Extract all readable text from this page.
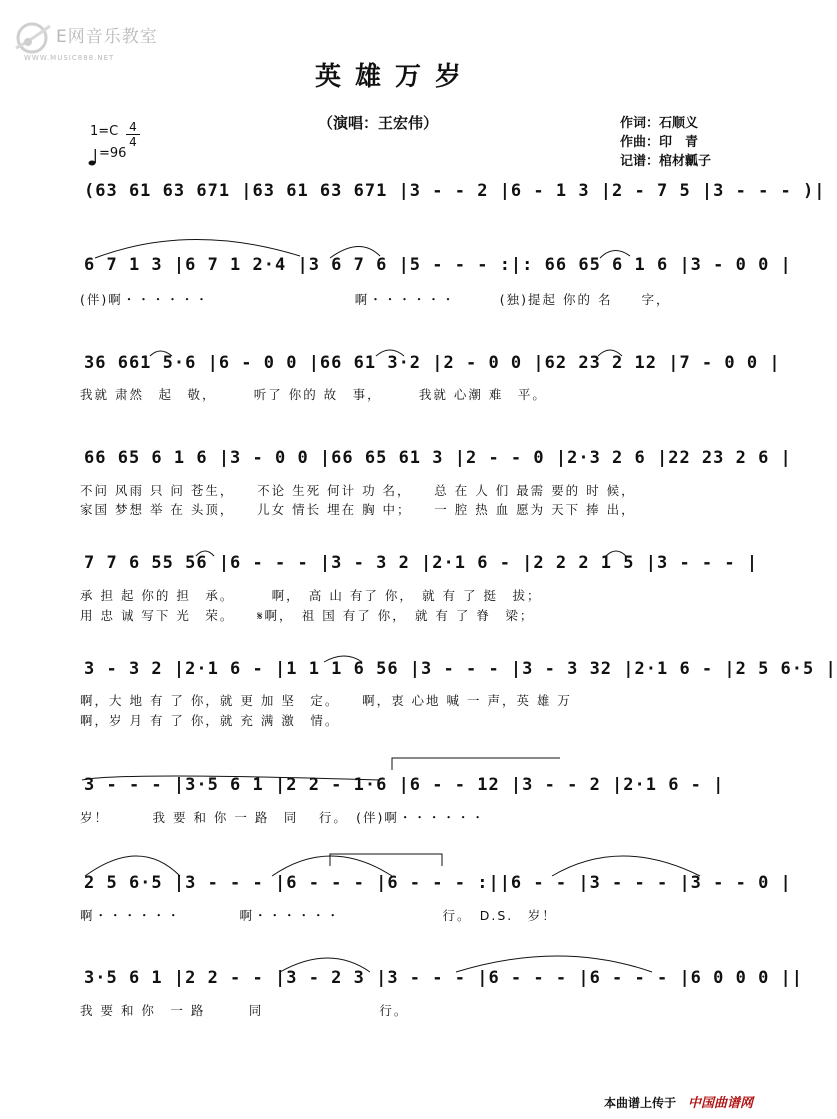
E网音乐教室
WWW.MUSIC888.NET
英雄万岁
（演唱：王宏伟）	作词：石顺义
作曲：印　青
记谱：棺材瓤子
1=C 4
4
=96
(63 61 63 671 |63 61 63 671 |3 - - 2 |6 - 1 3 |2 - 7 5 |3 - - - )|
6 7 1 3 |6 7 1 2·4 |3 6 7 6 |5 - - - :|: 66 65 6 1 6 |3 - 0 0 |
(伴)啊・・・・・・　　　　　　　　　　啊・・・・・・　　　(独)提起 你的 名　　字，
36 661 5·6 |6 - 0 0 |66 61 3·2 |2 - 0 0 |62 23 2 12 |7 - 0 0 |
我就 肃然　起　敬，　　　听了 你的 故　事，　　　我就 心潮 难　平。
66 65 6 1 6 |3 - 0 0 |66 65 61 3 |2 - - 0 |2·3 2 6 |22 23 2 6 |
不问 风雨 只 问 苍生，　　不论 生死 何计 功 名，　　总 在 人 们 最需 要的 时 候，
家国 梦想 举 在 头顶，　　儿女 情长 埋在 胸 中；　　一 腔 热 血 愿为 天下 捧 出，
7 7 6 55 56 |6 - - - |3 - 3 2 |2·1 6 - |2 2 2 1 5 |3 - - - |
承 担 起 你的 担　承。　　　啊，　高 山 有了 你，　就 有 了 挺　拔；
用 忠 诚 写下 光　荣。　　𝄋啊，　祖 国 有了 你，　就 有 了 脊　梁；
3 - 3 2 |2·1 6 - |1 1 1 6 56 |3 - - - |3 - 3 32 |2·1 6 - |2 5 6·5 |
啊，大 地 有 了 你，就 更 加 坚　定。　　啊，衷 心地 喊 一 声，英 雄 万
啊，岁 月 有 了 你，就 充 满 激　情。
3 - - - |3·5 6 1 |2 2 - 1·6 |6 - - 12 |3 - - 2 |2·1 6 - |
岁！　　　我 要 和 你 一 路　同　 行。　(伴)啊・・・・・・
2 5 6·5 |3 - - - |6 - - - |6 - - - :||6 - - |3 - - - |3 - - 0 |
啊・・・・・・　　　　啊・・・・・・　　　　　　　行。　D.S.　岁！
3·5 6 1 |2 2 - - |3 - 2 3 |3 - - - |6 - - - |6 - - - |6 0 0 0 ||
我 要 和 你　一 路　　　同　　　　　　　　行。
本曲谱上传于 中国曲谱网
